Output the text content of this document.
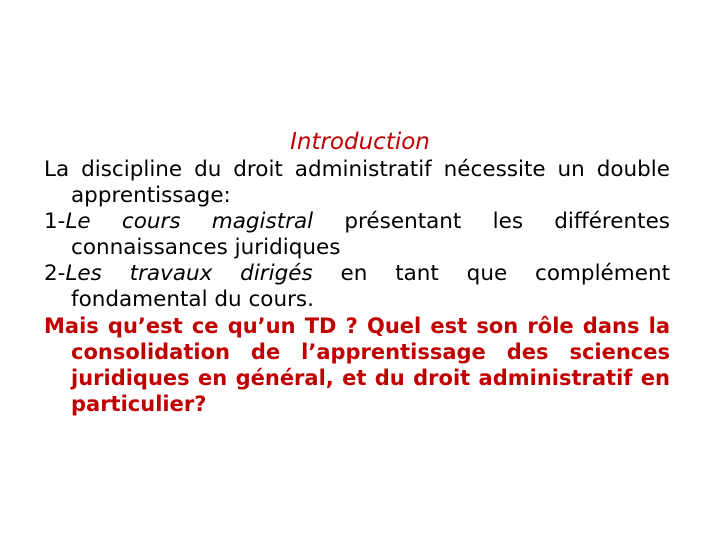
Introduction

La discipline du droit administratif nécessite un double apprentissage:

1-Le cours magistral présentant les différentes connaissances juridiques

2-Les travaux dirigés en tant que complément fondamental du cours.

Mais qu’est ce qu’un TD ? Quel est son rôle dans la consolidation de l’apprentissage des sciences juridiques en général, et du droit administratif en particulier?
